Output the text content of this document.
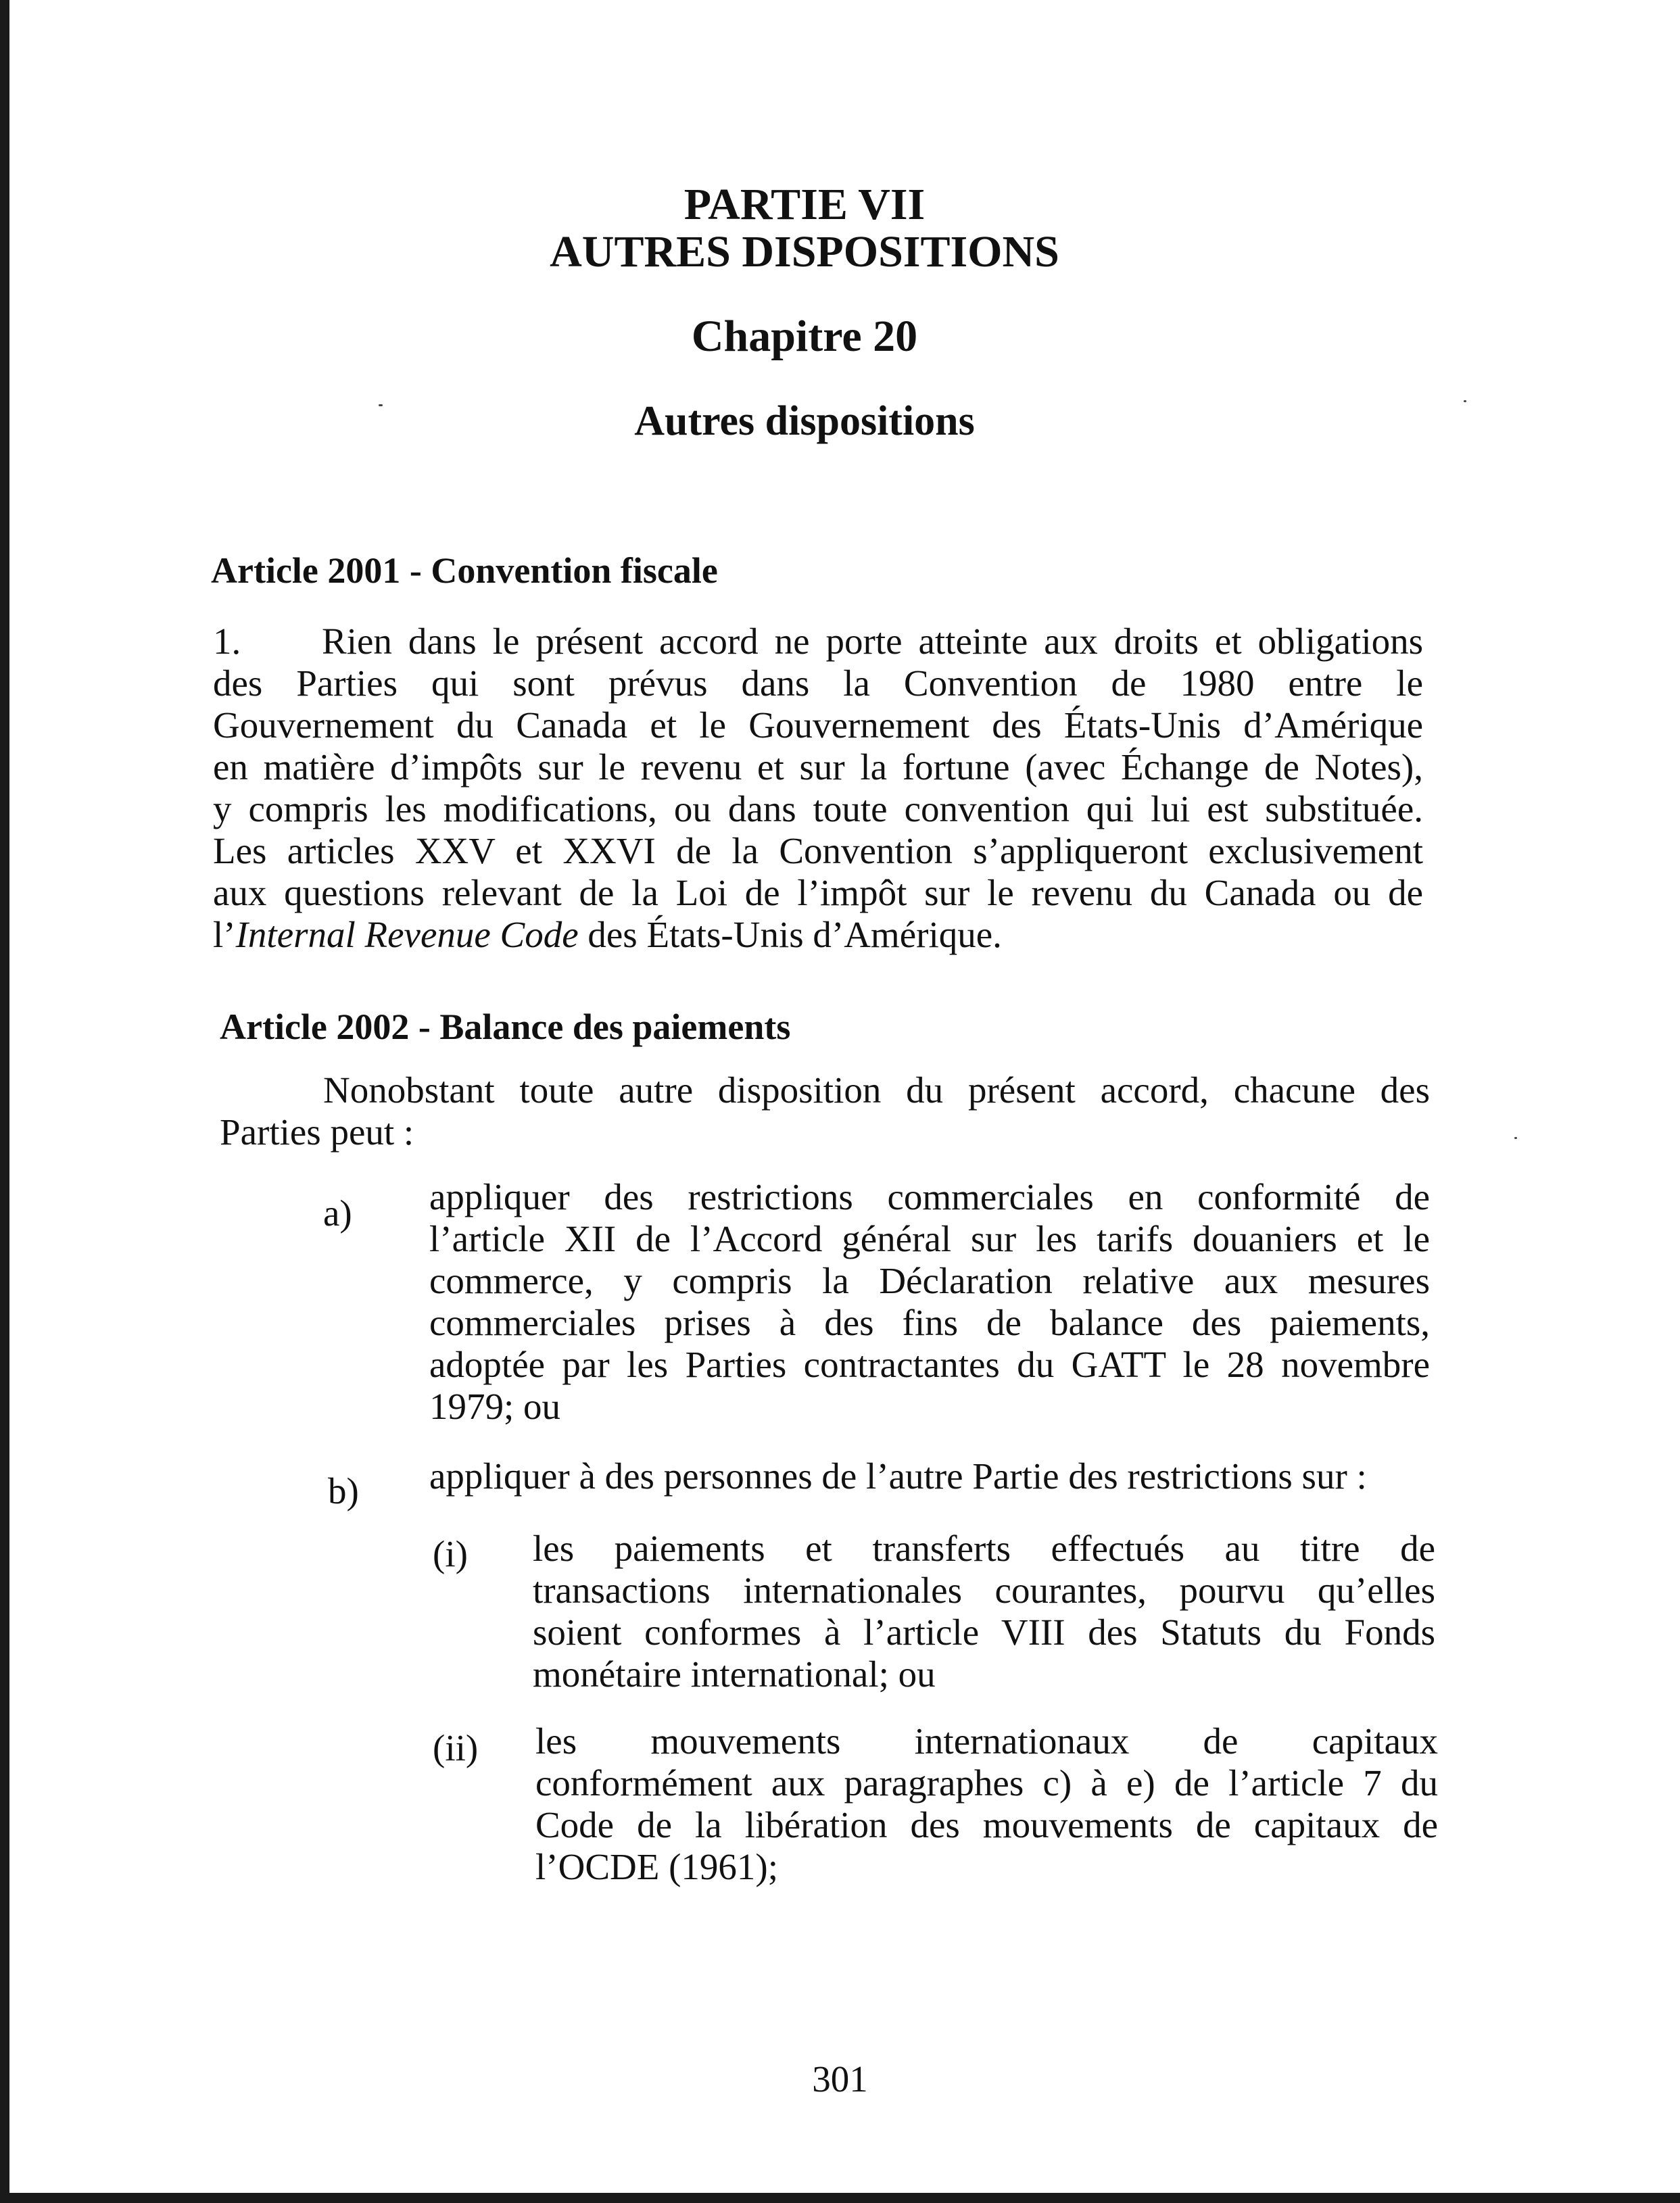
PARTIE VII
AUTRES DISPOSITIONS
Chapitre 20
Autres dispositions
Article 2001 - Convention fiscale

1.     Rien dans le présent accord ne porte atteinte aux droits et obligations
des Parties qui sont prévus dans la Convention de 1980 entre le
Gouvernement du Canada et le Gouvernement des États-Unis d’Amérique
en matière d’impôts sur le revenu et sur la fortune (avec Échange de Notes),
y compris les modifications, ou dans toute convention qui lui est substituée.
Les articles XXV et XXVI de la Convention s’appliqueront exclusivement
aux questions relevant de la Loi de l’impôt sur le revenu du Canada ou de
l’Internal Revenue Code des États-Unis d’Amérique.

Article 2002 - Balance des paiements

Nonobstant toute autre disposition du présent accord, chacune des
Parties peut :

a) appliquer des restrictions commerciales en conformité de
l’article XII de l’Accord général sur les tarifs douaniers et le
commerce, y compris la Déclaration relative aux mesures
commerciales prises à des fins de balance des paiements,
adoptée par les Parties contractantes du GATT le 28 novembre
1979; ou

b) appliquer à des personnes de l’autre Partie des restrictions sur :

(i) les paiements et transferts effectués au titre de
transactions internationales courantes, pourvu qu’elles
soient conformes à l’article VIII des Statuts du Fonds
monétaire international; ou

(ii) les mouvements internationaux de capitaux
conformément aux paragraphes c) à e) de l’article 7 du
Code de la libération des mouvements de capitaux de
l’OCDE (1961);

301
